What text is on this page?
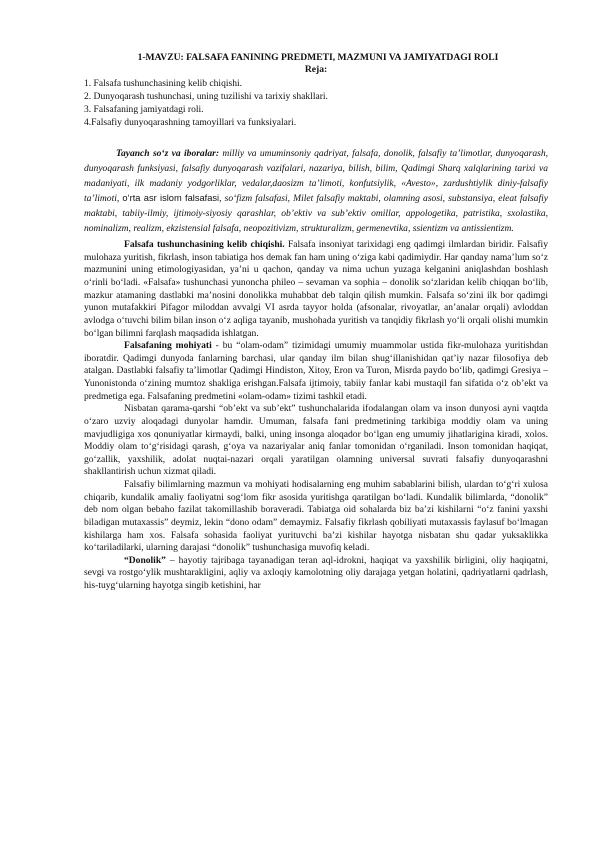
1-MAVZU: FALSAFA FANINING PREDMETI, MAZMUNI VA JAMIYATDAGI ROLI

Reja:

1. Falsafa tushunchasining kelib chiqishi.
2. Dunyoqarash tushunchasi, uning tuzilishi va tarixiy shakllari.
3. Falsafaning jamiyatdagi roli.
4.Falsafiy dunyoqarashning tamoyillari va funksiyalari.

Tayanch so‘z va iboralar: milliy va umuminsoniy qadriyat, falsafa, donolik, falsafiy ta’limotlar, dunyoqarash, dunyoqarash funksiyasi, falsafiy dunyoqarash vazifalari, nazariya, bilish, bilim, Qadimgi Sharq xalqlarining tarixi va madaniyati, ilk madaniy yodgorliklar, vedalar,daosizm ta’limoti, konfutsiylik, «Avesto», zardushtiylik diniy-falsafiy ta’limoti, o‘rta asr islom falsafasi, so‘fizm falsafasi, Milet falsafiy maktabi, olamning asosi, substansiya, eleat falsafiy maktabi, tabiiy-ilmiy, ijtimoiy-siyosiy qarashlar, ob’ektiv va sub’ektiv omillar, appologetika, patristika, sxolastika, nominalizm, realizm, ekzistensial falsafa, neopozitivizm, strukturalizm, germenevtika, ssientizm va antissientizm.

Falsafa tushunchasining kelib chiqishi. Falsafa insoniyat tarixidagi eng qadimgi ilmlardan biridir. Falsafiy mulohaza yuritish, fikrlash, inson tabiatiga hos demak fan ham uning o‘ziga kabi qadimiydir. Har qanday nama’lum so‘z mazmunini uning etimologiyasidan, ya’ni u qachon, qanday va nima uchun yuzaga kelganini aniqlashdan boshlash o‘rinli bo‘ladi. «Falsafa» tushunchasi yunoncha phileo – sevaman va sophia – donolik so‘zlaridan kelib chiqqan bo‘lib, mazkur atamaning dastlabki ma’nosini donolikka muhabbat deb talqin qilish mumkin. Falsafa so‘zini ilk bor qadimgi yunon mutafakkiri Pifagor miloddan avvalgi VI asrda tayyor holda (afsonalar, rivoyatlar, an’analar orqali) avloddan avlodga o‘tuvchi bilim bilan inson o‘z aqliga tayanib, mushohada yuritish va tanqidiy fikrlash yo‘li orqali olishi mumkin bo‘lgan bilimni farqlash maqsadida ishlatgan.

Falsafaning mohiyati - bu “olam-odam” tizimidagi umumiy muammolar ustida fikr-mulohaza yuritishdan iboratdir. Qadimgi dunyoda fanlarning barchasi, ular qanday ilm bilan shug‘illanishidan qat’iy nazar filosofiya deb atalgan. Dastlabki falsafiy ta’limotlar Qadimgi Hindiston, Xitoy, Eron va Turon, Misrda paydo bo‘lib, qadimgi Gresiya – Yunonistonda o‘zining mumtoz shakliga erishgan.Falsafa ijtimoiy, tabiiy fanlar kabi mustaqil fan sifatida o‘z ob’ekt va predmetiga ega. Falsafaning predmetini «olam-odam» tizimi tashkil etadi.

Nisbatan qarama-qarshi “ob’ekt va sub’ekt” tushunchalarida ifodalangan olam va inson dunyosi ayni vaqtda o‘zaro uzviy aloqadagi dunyolar hamdir. Umuman, falsafa fani predmetining tarkibiga moddiy olam va uning mavjudligiga xos qonuniyatlar kirmaydi, balki, uning insonga aloqador bo‘lgan eng umumiy jihatlarigina kiradi, xolos. Moddiy olam to‘g‘risidagi qarash, g‘oya va nazariyalar aniq fanlar tomonidan o‘rganiladi. Inson tomonidan haqiqat, go‘zallik, yaxshilik, adolat nuqtai-nazari orqali yaratilgan olamning universal suvrati falsafiy dunyoqarashni shakllantirish uchun xizmat qiladi.

Falsafiy bilimlarning mazmun va mohiyati hodisalarning eng muhim sabablarini bilish, ulardan to‘g‘ri xulosa chiqarib, kundalik amaliy faoliyatni sog‘lom fikr asosida yuritishga qaratilgan bo‘ladi. Kundalik bilimlarda, “donolik” deb nom olgan bebaho fazilat takomillashib boraveradi. Tabiatga oid sohalarda biz ba’zi kishilarni “o‘z fanini yaxshi biladigan mutaxassis” deymiz, lekin “dono odam” demaymiz. Falsafiy fikrlash qobiliyati mutaxassis faylasuf bo‘lmagan kishilarga ham xos. Falsafa sohasida faoliyat yurituvchi ba’zi kishilar hayotga nisbatan shu qadar yuksaklikka ko‘tariladilarki, ularning darajasi “donolik” tushunchasiga muvofiq keladi.

“Donolik” – hayotiy tajribaga tayanadigan teran aql-idrokni, haqiqat va yaxshilik birligini, oliy haqiqatni, sevgi va rostgo‘ylik mushtarakligini, aqliy va axloqiy kamolotning oliy darajaga yetgan holatini, qadriyatlarni qadrlash, his-tuyg‘ularning hayotga singib ketishini, har
